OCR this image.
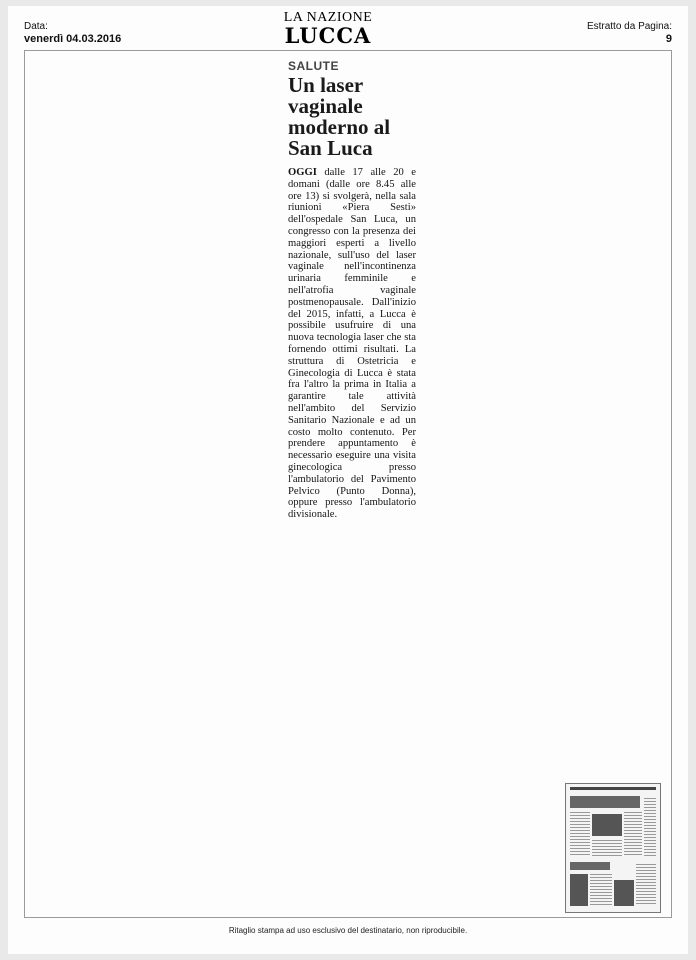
Data:
venerdì 04.03.2016
LA NAZIONE
LUCCA	Estratto da Pagina:
9
SALUTE
Un laser vaginale moderno al San Luca

OGGI dalle 17 alle 20 e domani (dalle ore 8.45 alle ore 13) si svolgerà, nella sala riunioni «Piera Sesti» dell'ospedale San Luca, un congresso con la presenza dei maggiori esperti a livello nazionale, sull'uso del laser vaginale nell'incontinenza urinaria femminile e nell'atrofia vaginale postmenopausale. Dall'inizio del 2015, infatti, a Lucca è possibile usufruire di una nuova tecnologia laser che sta fornendo ottimi risultati. La struttura di Ostetricia e Ginecologia di Lucca è stata fra l'altro la prima in Italia a garantire tale attività nell'ambito del Servizio Sanitario Nazionale e ad un costo molto contenuto. Per prendere appuntamento è necessario eseguire una visita ginecologica presso l'ambulatorio del Pavimento Pelvico (Punto Donna), oppure presso l'ambulatorio divisionale.

Ritaglio stampa ad uso esclusivo del destinatario, non riproducibile.
